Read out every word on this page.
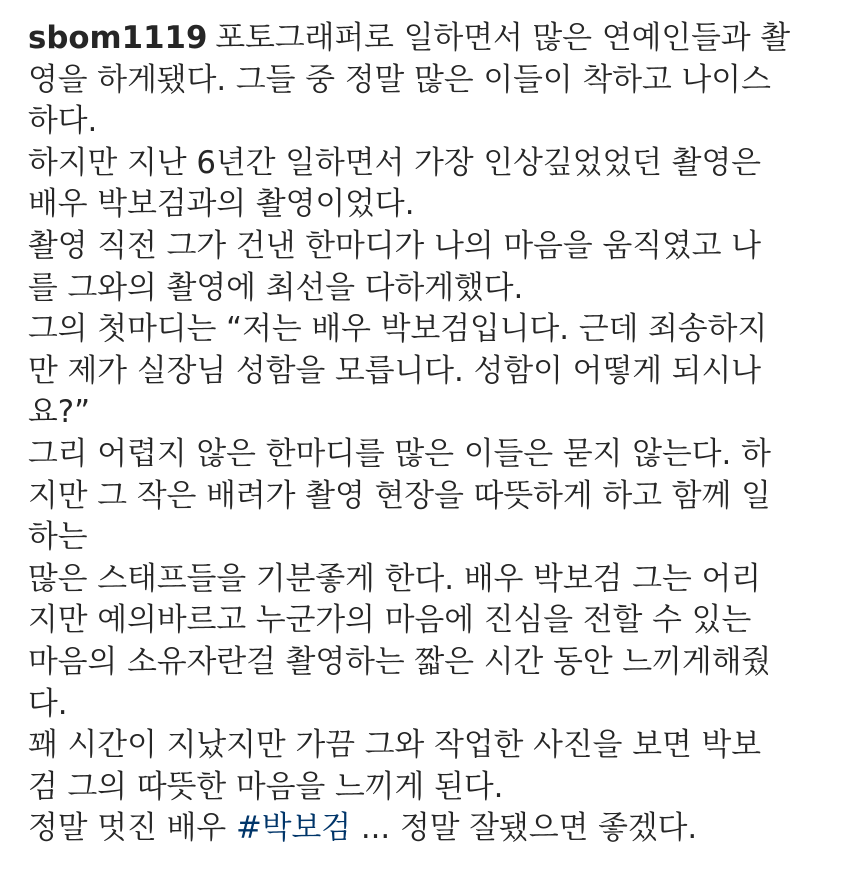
sbom1119 포토그래퍼로 일하면서 많은 연예인들과 촬
영을 하게됐다. 그들 중 정말 많은 이들이 착하고 나이스
하다.
하지만 지난 6년간 일하면서 가장 인상깊었었던 촬영은
배우 박보검과의 촬영이었다.
촬영 직전 그가 건낸 한마디가 나의 마음을 움직였고 나
를 그와의 촬영에 최선을 다하게했다.
그의 첫마디는 “저는 배우 박보검입니다. 근데 죄송하지
만 제가 실장님 성함을 모릅니다. 성함이 어떻게 되시나
요?”
그리 어렵지 않은 한마디를 많은 이들은 묻지 않는다. 하
지만 그 작은 배려가 촬영 현장을 따뜻하게 하고 함께 일
하는
많은 스태프들을 기분좋게 한다. 배우 박보검 그는 어리
지만 예의바르고 누군가의 마음에 진심을 전할 수 있는
마음의 소유자란걸 촬영하는 짧은 시간 동안 느끼게해줬
다.
꽤 시간이 지났지만 가끔 그와 작업한 사진을 보면 박보
검 그의 따뜻한 마음을 느끼게 된다.
정말 멋진 배우 #박보검 ... 정말 잘됐으면 좋겠다.
